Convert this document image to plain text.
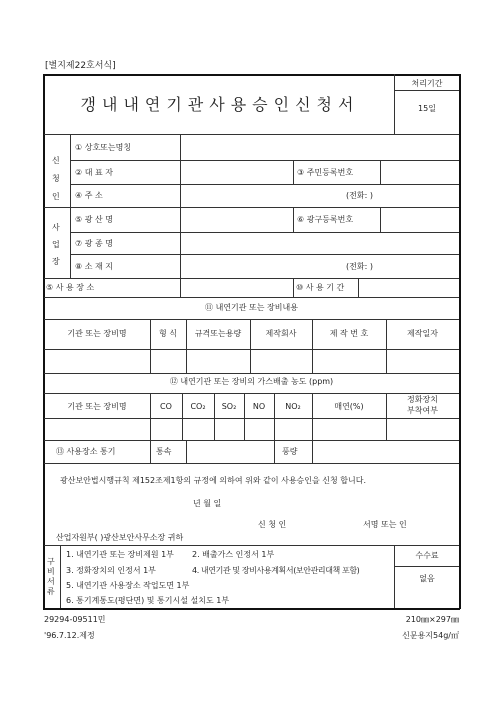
[별지제22호서식]
갱내내연기관사용승인신청서
처리기간
15일
신
청
인
① 상호또는명칭
② 대 표 자	③ 주민등록번호
④ 주 소	(전화: )
사
업
장
⑤ 광 산 명	⑥ 광구등록번호
⑦ 광 종 명
⑧ 소 재 지	(전화: )
⑤ 사 용 장 소	⑩ 사 용 기 간
⑪ 내연기관 또는 장비내용
기관 또는 장비명	형 식	규격또는용량	제작회사	제 작 번 호	제작일자
⑫ 내연기관 또는 장비의 가스배출 농도 (ppm)
기관 또는 장비명	CO	CO₂	SO₂	NO	NO₂	매연(%)
정화장치
부착여부
⑬ 사용장소 통기	통속	풍량
광산보안법시행규칙 제152조제1항의 규정에 의하여 위와 같이 사용승인을 신청 합니다.
년 월 일
신 청 인	서명 또는 인
산업자원부( )광산보안사무소장 귀하
구
비
서
류
1. 내연기관 또는 장비제원 1부 2. 배출가스 인정서 1부
3. 정화장치의 인정서 1부	4. 내연기관 및 장비사용계획서(보안관리대책 포함)
5. 내연기관 사용장소 작업도면 1부
6. 통기계통도(평단면) 및 통기시설 설치도 1부
수수료
없음
29294-09511민	210㎜×297㎜
'96.7.12.제정	신문용지54g/㎡
